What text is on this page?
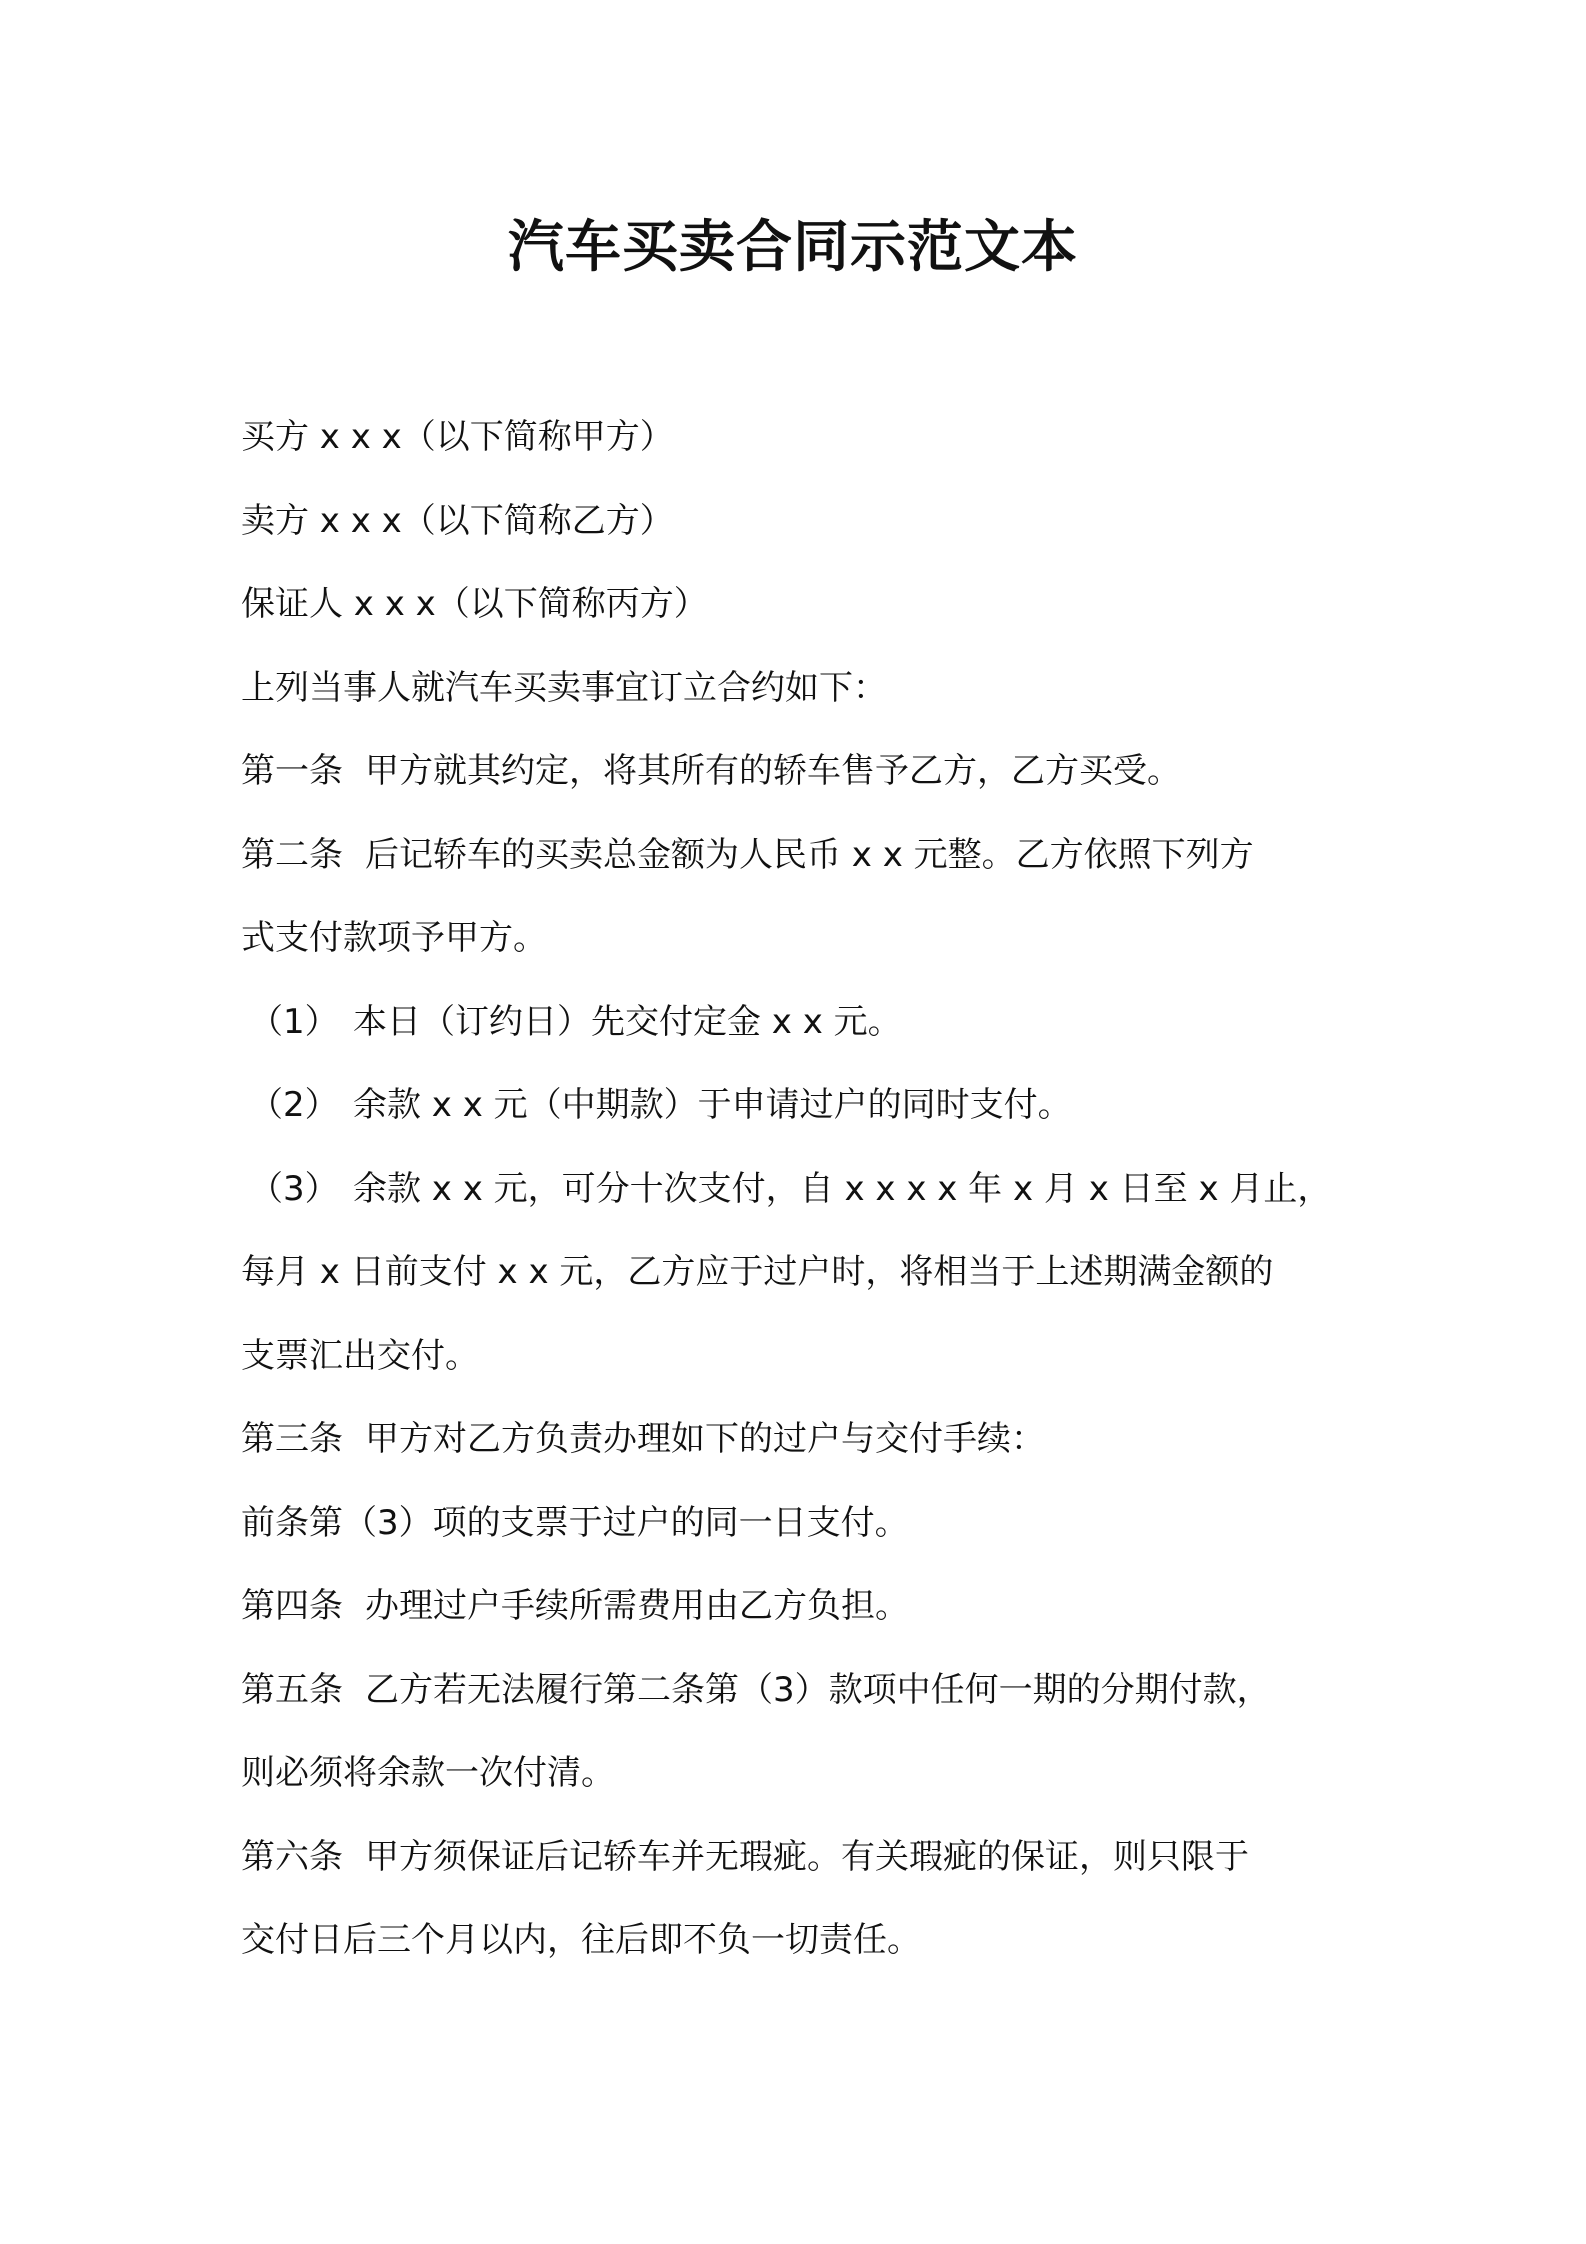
汽车买卖合同示范文本

买方 x x x（以下简称甲方）

卖方 x x x（以下简称乙方）

保证人 x x x（以下简称丙方）

上列当事人就汽车买卖事宜订立合约如下：

第一条 甲方就其约定，将其所有的轿车售予乙方，乙方买受。

第二条 后记轿车的买卖总金额为人民币 x x 元整。乙方依照下列方

式支付款项予甲方。

（1） 本日（订约日）先交付定金 x x 元。

（2） 余款 x x 元（中期款）于申请过户的同时支付。

（3） 余款 x x 元，可分十次支付，自 x x x x 年 x 月 x 日至 x 月止，

每月 x 日前支付 x x 元，乙方应于过户时，将相当于上述期满金额的

支票汇出交付。

第三条 甲方对乙方负责办理如下的过户与交付手续：

前条第（3）项的支票于过户的同一日支付。

第四条 办理过户手续所需费用由乙方负担。

第五条 乙方若无法履行第二条第（3）款项中任何一期的分期付款，

则必须将余款一次付清。

第六条 甲方须保证后记轿车并无瑕疵。有关瑕疵的保证，则只限于

交付日后三个月以内，往后即不负一切责任。
